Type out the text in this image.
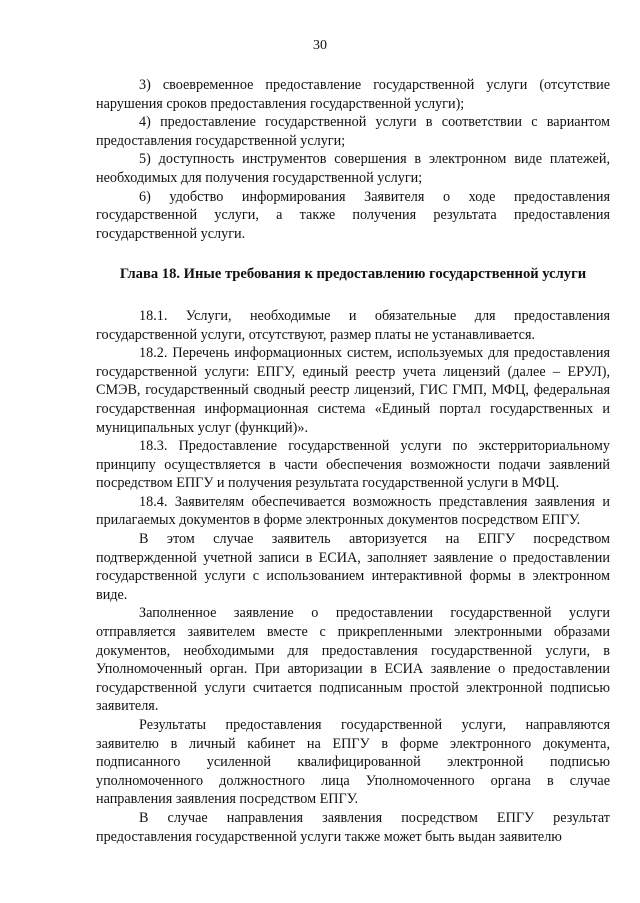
30

3) своевременное предоставление государственной услуги (отсутствие нарушения сроков предоставления государственной услуги);

4) предоставление государственной услуги в соответствии с вариантом предоставления государственной услуги;

5) доступность инструментов совершения в электронном виде платежей, необходимых для получения государственной услуги;

6) удобство информирования Заявителя о ходе предоставления государственной услуги, а также получения результата предоставления государственной услуги.

Глава 18. Иные требования к предоставлению государственной услуги

18.1. Услуги, необходимые и обязательные для предоставления государственной услуги, отсутствуют, размер платы не устанавливается.

18.2. Перечень информационных систем, используемых для предоставления государственной услуги: ЕПГУ, единый реестр учета лицензий (далее – ЕРУЛ), СМЭВ, государственный сводный реестр лицензий, ГИС ГМП, МФЦ, федеральная государственная информационная система «Единый портал государственных и муниципальных услуг (функций)».

18.3. Предоставление государственной услуги по экстерриториальному принципу осуществляется в части обеспечения возможности подачи заявлений посредством ЕПГУ и получения результата государственной услуги в МФЦ.

18.4. Заявителям обеспечивается возможность представления заявления и прилагаемых документов в форме электронных документов посредством ЕПГУ.

В этом случае заявитель авторизуется на ЕПГУ посредством подтвержденной учетной записи в ЕСИА, заполняет заявление о предоставлении государственной услуги с использованием интерактивной формы в электронном виде.

Заполненное заявление о предоставлении государственной услуги отправляется заявителем вместе с прикрепленными электронными образами документов, необходимыми для предоставления государственной услуги, в Уполномоченный орган. При авторизации в ЕСИА заявление о предоставлении государственной услуги считается подписанным простой электронной подписью заявителя.

Результаты предоставления государственной услуги, направляются заявителю в личный кабинет на ЕПГУ в форме электронного документа, подписанного усиленной квалифицированной электронной подписью уполномоченного должностного лица Уполномоченного органа в случае направления заявления посредством ЕПГУ.

В случае направления заявления посредством ЕПГУ результат предоставления государственной услуги также может быть выдан заявителю
